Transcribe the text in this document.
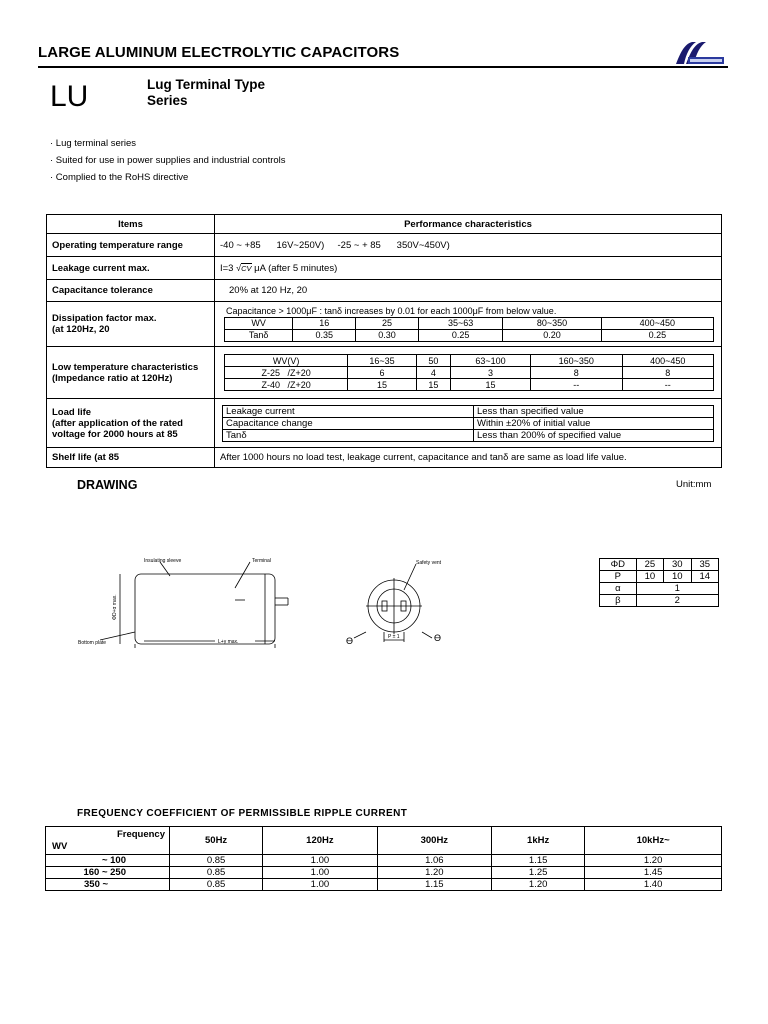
LARGE ALUMINUM ELECTROLYTIC CAPACITORS
LU	Lug Terminal Type
Series
· Lug terminal series
· Suited for use in power supplies and industrial controls
· Complied to the RoHS directive
Items	Performance characteristics
Operating temperature range	-40 ~ +85      16V~250V)     -25 ~ + 85      350V~450V)
Leakage current max.	I=3 √CV μA (after 5 minutes)
Capacitance tolerance	20% at 120 Hz, 20

Dissipation factor max.
(at 120Hz, 20

Capacitance > 1000μF : tanδ increases by 0.01 for each 1000μF from below value.
WV	16	25	35~63	80~350	400~450
Tanδ	0.35	0.30	0.25	0.20	0.25

Low temperature characteristics
(Impedance ratio at 120Hz)

WV(V)	16~35	50	63~100	160~350	400~450
Z-25   /Z+20	6	4	3	8	8
Z-40   /Z+20	15	15	15	--	--

Load life
(after application of the rated
voltage for 2000 hours at 85

Leakage current	Less than specified value
Capacitance change	Within ±20% of initial value
Tanδ	Less than 200% of specified value

Shelf life (at 85	After 1000 hours no load test, leakage current, capacitance and tanδ are same as load life value.
DRAWING	Unit:mm
Insulating sleeve	Terminal
Bottom plate	L+γ max.
ΦD+α max.
Safety vent
P ± 1
ϴ	ϴ
ΦD	25	30	35
P	10	10	14
α	1		
β	2		
FREQUENCY COEFFICIENT OF PERMISSIBLE RIPPLE CURRENT
Frequency
WV	50Hz	120Hz	300Hz	1kHz	10kHz~
~ 100	0.85	1.00	1.06	1.15	1.20
160 ~ 250	0.85	1.00	1.20	1.25	1.45
350 ~	0.85	1.00	1.15	1.20	1.40
